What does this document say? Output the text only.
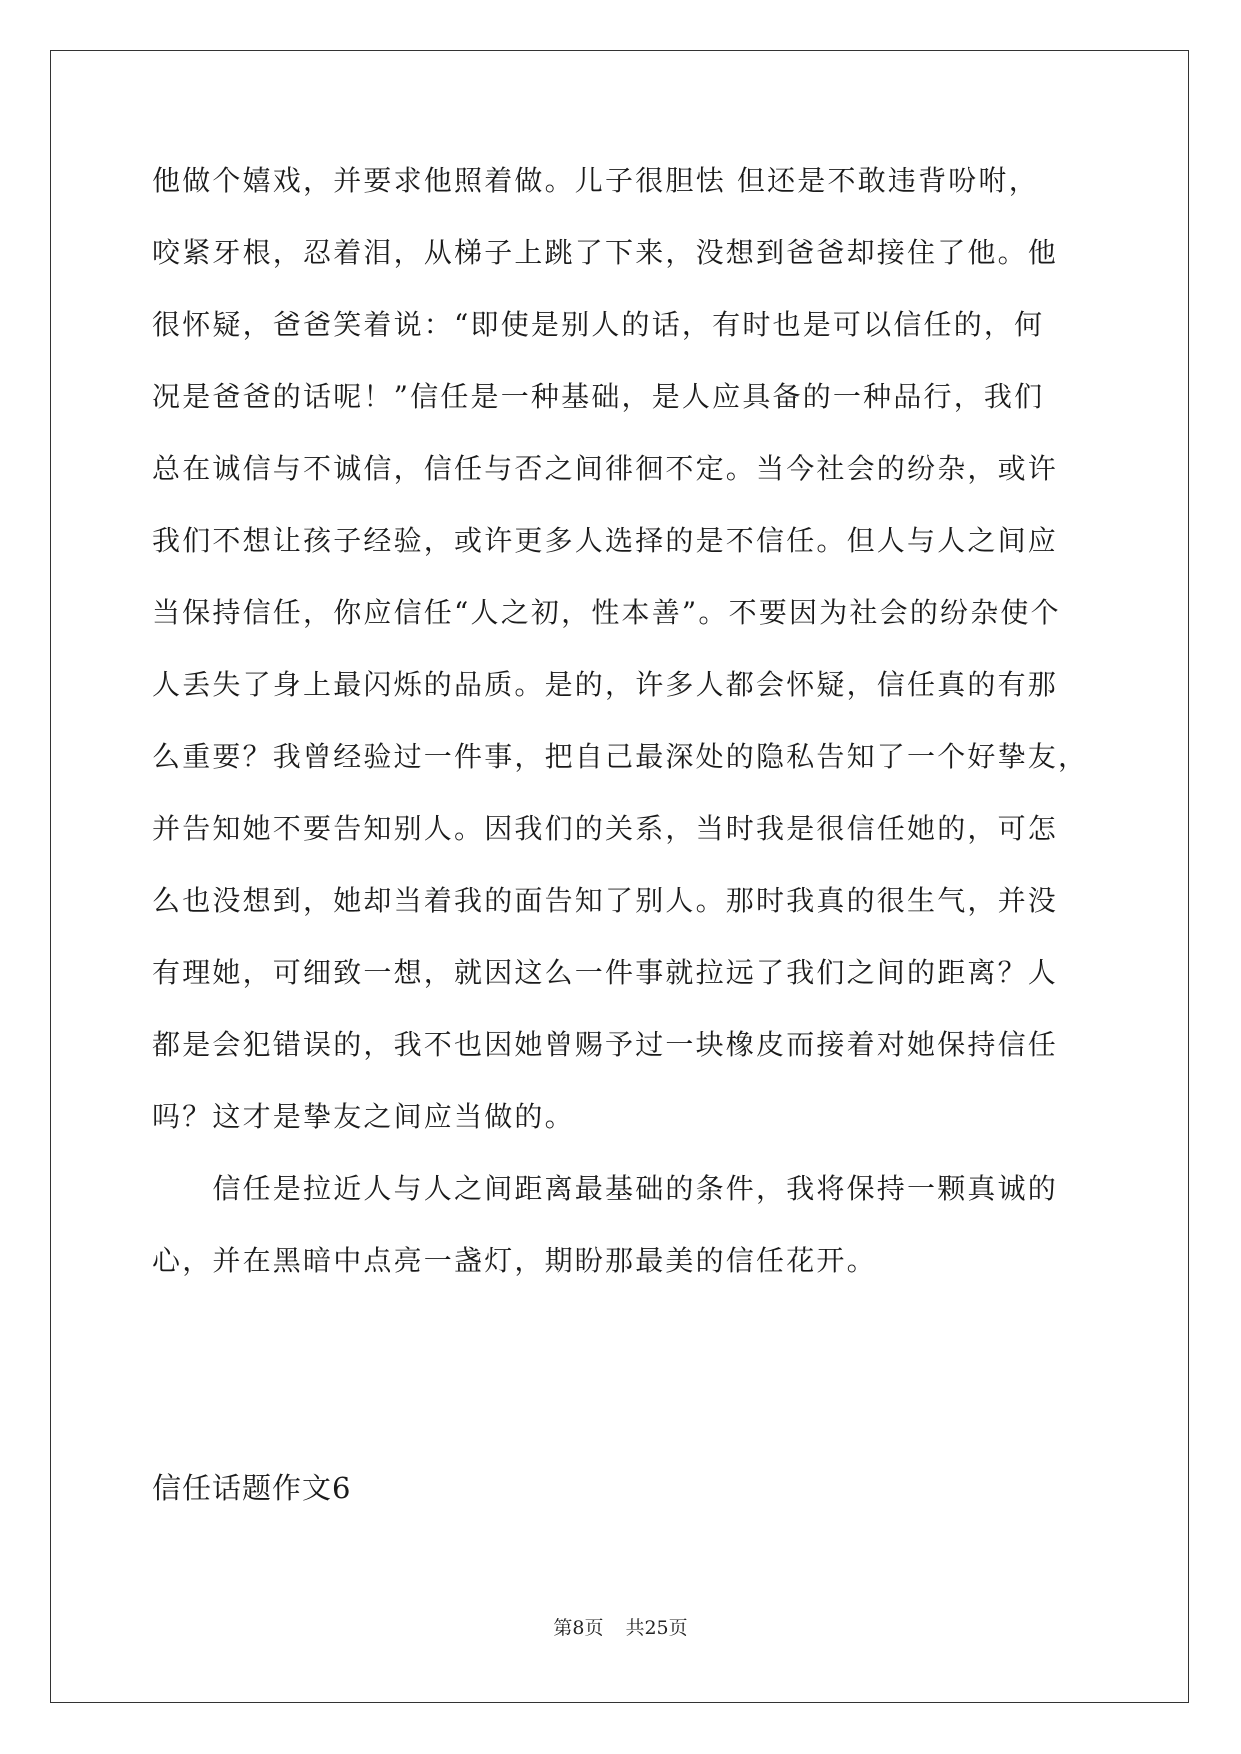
他做个嬉戏，并要求他照着做。儿子很胆怯 但还是不敢违背吩咐，
咬紧牙根，忍着泪，从梯子上跳了下来，没想到爸爸却接住了他。他
很怀疑，爸爸笑着说：“即使是别人的话，有时也是可以信任的，何
况是爸爸的话呢！”信任是一种基础，是人应具备的一种品行，我们
总在诚信与不诚信，信任与否之间徘徊不定。当今社会的纷杂，或许
我们不想让孩子经验，或许更多人选择的是不信任。但人与人之间应
当保持信任，你应信任“人之初，性本善”。不要因为社会的纷杂使个
人丢失了身上最闪烁的品质。是的，许多人都会怀疑，信任真的有那
么重要？我曾经验过一件事，把自己最深处的隐私告知了一个好挚友，
并告知她不要告知别人。因我们的关系，当时我是很信任她的，可怎
么也没想到，她却当着我的面告知了别人。那时我真的很生气，并没
有理她，可细致一想，就因这么一件事就拉远了我们之间的距离？人
都是会犯错误的，我不也因她曾赐予过一块橡皮而接着对她保持信任
吗？这才是挚友之间应当做的。
　　信任是拉近人与人之间距离最基础的条件，我将保持一颗真诚的
心，并在黑暗中点亮一盏灯，期盼那最美的信任花开。
信任话题作文6
第8页 共25页
